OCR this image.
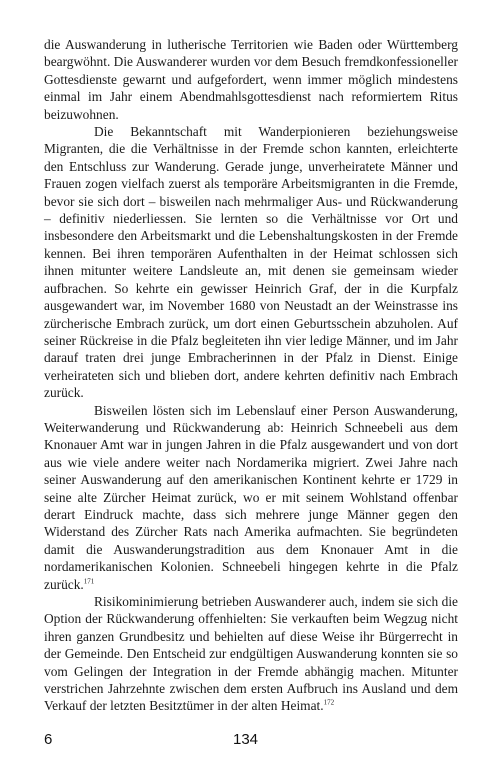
die Auswanderung in lutherische Territorien wie Baden oder Württemberg beargwöhnt. Die Auswanderer wurden vor dem Besuch fremdkonfessioneller Gottesdienste gewarnt und aufgefordert, wenn immer möglich mindestens einmal im Jahr einem Abendmahlsgottesdienst nach reformiertem Ritus beizuwohnen.

Die Bekanntschaft mit Wanderpionieren beziehungsweise Migranten, die die Verhältnisse in der Fremde schon kannten, erleichterte den Entschluss zur Wanderung. Gerade junge, unverheiratete Männer und Frauen zogen vielfach zuerst als temporäre Arbeitsmigranten in die Fremde, bevor sie sich dort – bisweilen nach mehrmaliger Aus- und Rückwanderung – definitiv niederliessen. Sie lernten so die Verhältnisse vor Ort und insbesondere den Arbeitsmarkt und die Lebenshaltungskosten in der Fremde kennen. Bei ihren temporären Aufenthalten in der Heimat schlossen sich ihnen mitunter weitere Landsleute an, mit denen sie gemeinsam wieder aufbrachen. So kehrte ein gewisser Heinrich Graf, der in die Kurpfalz ausgewandert war, im November 1680 von Neustadt an der Weinstrasse ins zürcherische Embrach zurück, um dort einen Geburtsschein abzuholen. Auf seiner Rückreise in die Pfalz begleiteten ihn vier ledige Männer, und im Jahr darauf traten drei junge Embracherinnen in der Pfalz in Dienst. Einige verheirateten sich und blieben dort, andere kehrten definitiv nach Embrach zurück.

Bisweilen lösten sich im Lebenslauf einer Person Auswanderung, Weiterwanderung und Rückwanderung ab: Heinrich Schneebeli aus dem Knonauer Amt war in jungen Jahren in die Pfalz ausgewandert und von dort aus wie viele andere weiter nach Nordamerika migriert. Zwei Jahre nach seiner Auswanderung auf den amerikanischen Kontinent kehrte er 1729 in seine alte Zürcher Heimat zurück, wo er mit seinem Wohlstand offenbar derart Eindruck machte, dass sich mehrere junge Männer gegen den Widerstand des Zürcher Rats nach Amerika aufmachten. Sie begründeten damit die Auswanderungstradition aus dem Knonauer Amt in die nordamerikanischen Kolonien. Schneebeli hingegen kehrte in die Pfalz zurück.$^{171}$

Risikominimierung betrieben Auswanderer auch, indem sie sich die Option der Rückwanderung offenhielten: Sie verkauften beim Wegzug nicht ihren ganzen Grundbesitz und behielten auf diese Weise ihr Bürgerrecht in der Gemeinde. Den Entscheid zur endgültigen Auswanderung konnten sie so vom Gelingen der Integration in der Fremde abhängig machen. Mitunter verstrichen Jahrzehnte zwischen dem ersten Aufbruch ins Ausland und dem Verkauf der letzten Besitztümer in der alten Heimat.$^{172}$

6	134
